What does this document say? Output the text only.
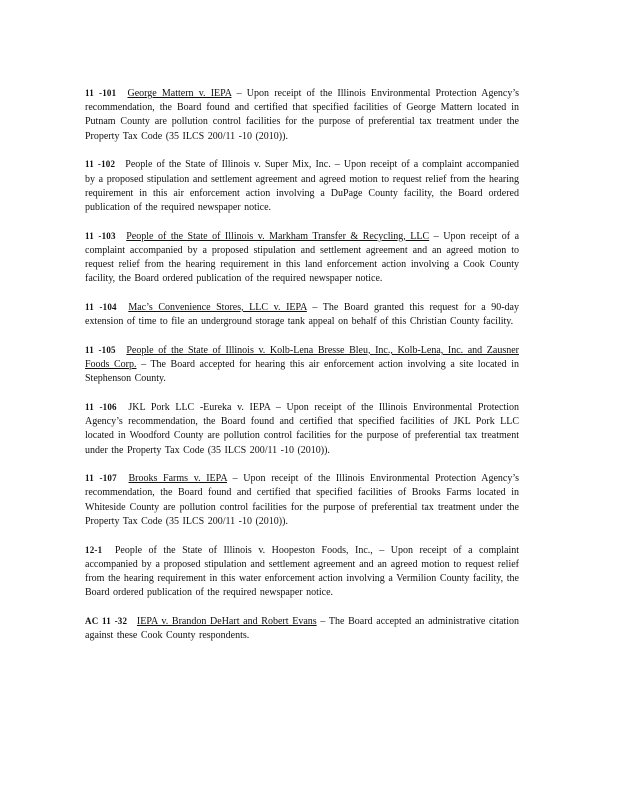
11 -101 George Mattern v. IEPA – Upon receipt of the Illinois Environmental Protection Agency’s recommendation, the Board found and certified that specified facilities of George Mattern located in Putnam County are pollution control facilities for the purpose of preferential tax treatment under the Property Tax Code (35 ILCS 200/11 -10 (2010)).

11 -102 People of the State of Illinois v. Super Mix, Inc. – Upon receipt of a complaint accompanied by a proposed stipulation and settlement agreement and agreed motion to request relief from the hearing requirement in this air enforcement action involving a DuPage County facility, the Board ordered publication of the required newspaper notice.

11 -103 People of the State of Illinois v. Markham Transfer & Recycling, LLC – Upon receipt of a complaint accompanied by a proposed stipulation and settlement agreement and an agreed motion to request relief from the hearing requirement in this land enforcement action involving a Cook County facility, the Board ordered publication of the required newspaper notice.

11 -104 Mac’s Convenience Stores, LLC v. IEPA – The Board granted this request for a 90-day extension of time to file an underground storage tank appeal on behalf of this Christian County facility.

11 -105 People of the State of Illinois v. Kolb-Lena Bresse Bleu, Inc., Kolb-Lena, Inc. and Zausner Foods Corp. – The Board accepted for hearing this air enforcement action involving a site located in Stephenson County.

11 -106 JKL Pork LLC -Eureka v. IEPA – Upon receipt of the Illinois Environmental Protection Agency’s recommendation, the Board found and certified that specified facilities of JKL Pork LLC located in Woodford County are pollution control facilities for the purpose of preferential tax treatment under the Property Tax Code (35 ILCS 200/11 -10 (2010)).

11 -107 Brooks Farms v. IEPA – Upon receipt of the Illinois Environmental Protection Agency’s recommendation, the Board found and certified that specified facilities of Brooks Farms located in Whiteside County are pollution control facilities for the purpose of preferential tax treatment under the Property Tax Code (35 ILCS 200/11 -10 (2010)).

12-1 People of the State of Illinois v. Hoopeston Foods, Inc., – Upon receipt of a complaint accompanied by a proposed stipulation and settlement agreement and an agreed motion to request relief from the hearing requirement in this water enforcement action involving a Vermilion County facility, the Board ordered publication of the required newspaper notice.

AC 11 -32 IEPA v. Brandon DeHart and Robert Evans – The Board accepted an administrative citation against these Cook County respondents.
